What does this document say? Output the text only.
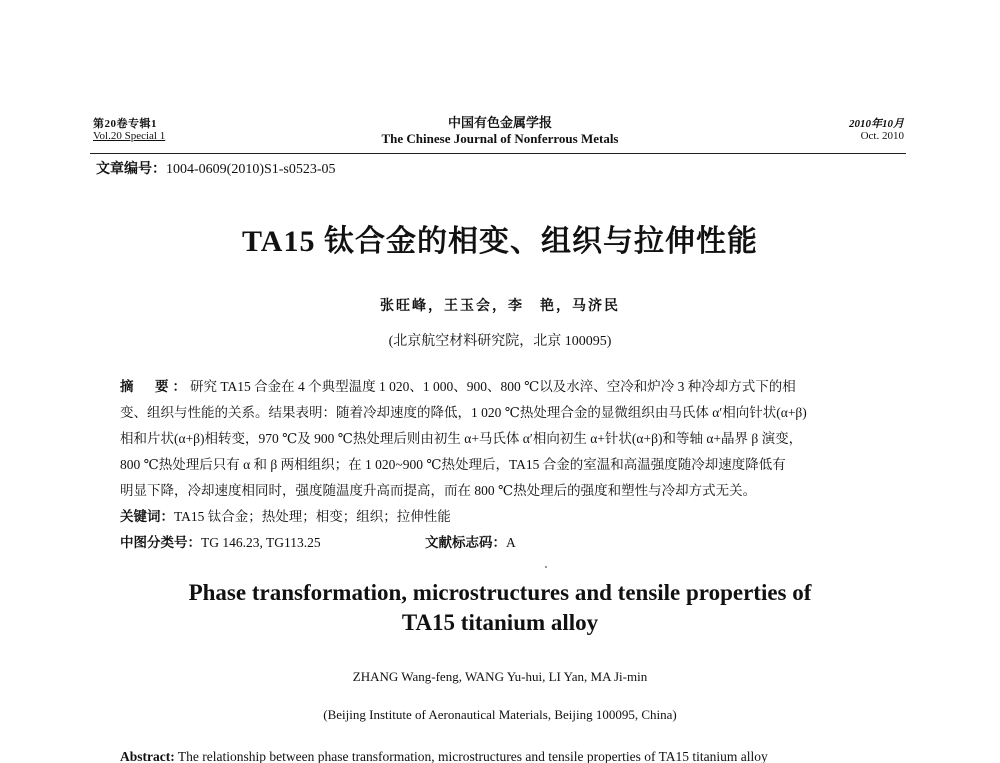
第20卷专辑1
Vol.20 Special 1
中国有色金属学报
The Chinese Journal of Nonferrous Metals
2010年10月
Oct. 2010
文章编号：1004-0609(2010)S1-s0523-05
TA15 钛合金的相变、组织与拉伸性能
张旺峰，王玉会，李　艳，马济民
(北京航空材料研究院，北京 100095)
摘　要：研究 TA15 合金在 4 个典型温度 1 020、1 000、900、800 ℃以及水淬、空冷和炉冷 3 种冷却方式下的相
变、组织与性能的关系。结果表明：随着冷却速度的降低，1 020 ℃热处理合金的显微组织由马氏体 α′相向针状(α+β)
相和片状(α+β)相转变，970 ℃及 900 ℃热处理后则由初生 α+马氏体 α′相向初生 α+针状(α+β)和等轴 α+晶界 β 演变，
800 ℃热处理后只有 α 和 β 两相组织；在 1 020~900 ℃热处理后，TA15 合金的室温和高温强度随冷却速度降低有
明显下降，冷却速度相同时，强度随温度升高而提高，而在 800 ℃热处理后的强度和塑性与冷却方式无关。
关键词：TA15 钛合金；热处理；相变；组织；拉伸性能
中图分类号：TG 146.23, TG113.25	文献标志码：A
Phase transformation, microstructures and tensile properties of
TA15 titanium alloy
ZHANG Wang-feng, WANG Yu-hui, LI Yan, MA Ji-min
(Beijing Institute of Aeronautical Materials, Beijing 100095, China)
Abstract: The relationship between phase transformation, microstructures and tensile properties of TA15 titanium alloy
